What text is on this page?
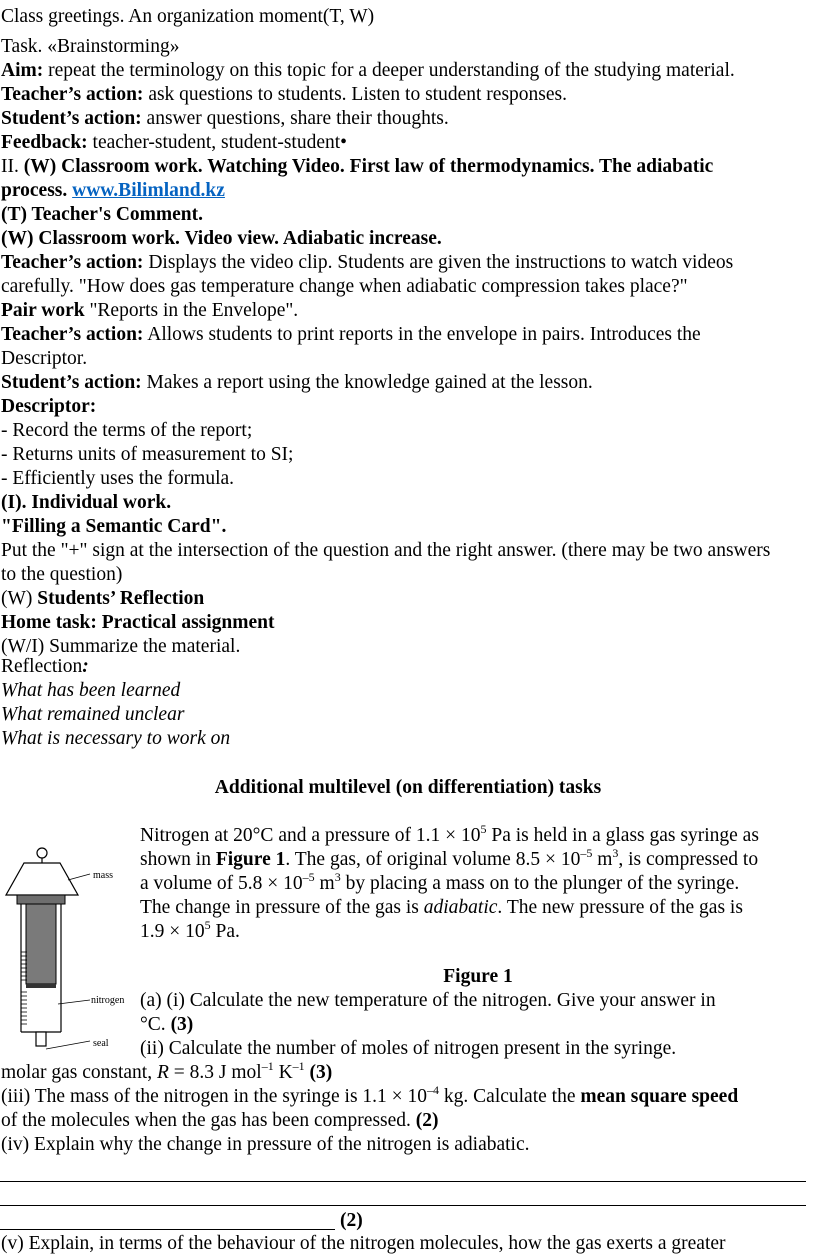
Class greetings. An organization moment(T, W)
Task. «Brainstorming»
Aim: repeat the terminology on this topic for a deeper understanding of the studying material.
Teacher’s action: ask questions to students. Listen to student responses.
Student’s action: answer questions, share their thoughts.
Feedback: teacher-student, student-student•
II. (W) Classroom work. Watching Video. First law of thermodynamics. The adiabatic
process. www.Bilimland.kz
(T) Teacher's Comment.
(W) Classroom work. Video view. Adiabatic increase.
Teacher’s action: Displays the video clip. Students are given the instructions to watch videos
carefully. "How does gas temperature change when adiabatic compression takes place?"
Pair work "Reports in the Envelope".
Teacher’s action: Allows students to print reports in the envelope in pairs. Introduces the
Descriptor.
Student’s action: Makes a report using the knowledge gained at the lesson.
Descriptor:
- Record the terms of the report;
- Returns units of measurement to SI;
- Efficiently uses the formula.
(I). Individual work.
"Filling a Semantic Card".
Put the "+" sign at the intersection of the question and the right answer. (there may be two answers
to the question)
(W) Students’ Reflection
Home task: Practical assignment
(W/I) Summarize the material.
Reflection:
What has been learned
What remained unclear
What is necessary to work on
Additional multilevel (on differentiation) tasks
mass
nitrogen
seal
Nitrogen at 20°C and a pressure of $1.1 \times 10^5$ Pa is held in a glass gas syringe as
shown in Figure 1. The gas, of original volume $8.5 \times 10^{-5}$ $m^3$, is compressed to
a volume of $5.8 \times 10^{-5}$ $m^3$ by placing a mass on to the plunger of the syringe.
The change in pressure of the gas is adiabatic. The new pressure of the gas is
$1.9 \times 10^5$ Pa.
Figure 1
(a) (i) Calculate the new temperature of the nitrogen. Give your answer in
°C. (3)
(ii) Calculate the number of moles of nitrogen present in the syringe.
molar gas constant, R = 8.3 J mol$^{-1}$ $K^{-1}$ (3)
(iii) The mass of the nitrogen in the syringe is $1.1 \times 10^{-4}$ kg. Calculate the mean square speed
of the molecules when the gas has been compressed. (2)
(iv) Explain why the change in pressure of the nitrogen is adiabatic.
(2)
(v) Explain, in terms of the behaviour of the nitrogen molecules, how the gas exerts a greater
